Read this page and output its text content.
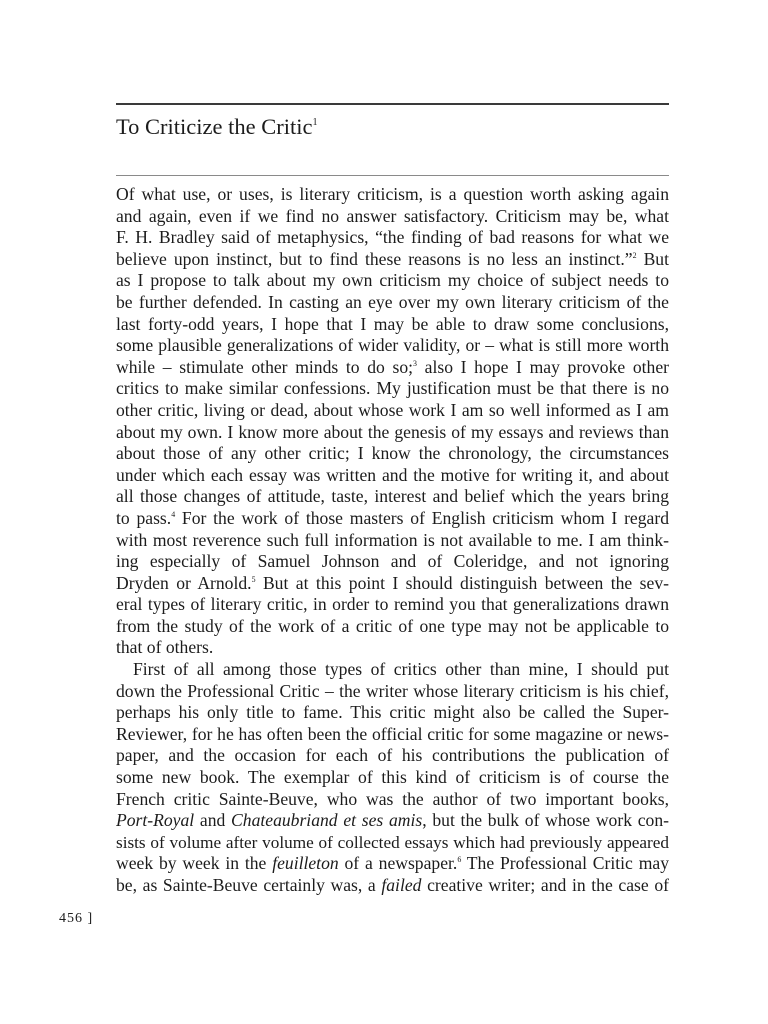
To Criticize the Critic$^1$
Of what use, or uses, is literary criticism, is a question worth asking again
and again, even if we find no answer satisfactory. Criticism may be, what
F. H. Bradley said of metaphysics, “the finding of bad reasons for what we
believe upon instinct, but to find these reasons is no less an instinct.”$^2$ But
as I propose to talk about my own criticism my choice of subject needs to
be further defended. In casting an eye over my own literary criticism of the
last forty-odd years, I hope that I may be able to draw some conclusions,
some plausible generalizations of wider validity, or – what is still more worth
while – stimulate other minds to do so;$^3$ also I hope I may provoke other
critics to make similar confessions. My justification must be that there is no
other critic, living or dead, about whose work I am so well informed as I am
about my own. I know more about the genesis of my essays and reviews than
about those of any other critic; I know the chronology, the circumstances
under which each essay was written and the motive for writing it, and about
all those changes of attitude, taste, interest and belief which the years bring
to pass.$^4$ For the work of those masters of English criticism whom I regard
with most reverence such full information is not available to me. I am think-
ing especially of Samuel Johnson and of Coleridge, and not ignoring
Dryden or Arnold.$^5$ But at this point I should distinguish between the sev-
eral types of literary critic, in order to remind you that generalizations drawn
from the study of the work of a critic of one type may not be applicable to
that of others.
First of all among those types of critics other than mine, I should put
down the Professional Critic – the writer whose literary criticism is his chief,
perhaps his only title to fame. This critic might also be called the Super-
Reviewer, for he has often been the official critic for some magazine or news-
paper, and the occasion for each of his contributions the publication of
some new book. The exemplar of this kind of criticism is of course the
French critic Sainte-Beuve, who was the author of two important books,
Port-Royal and Chateaubriand et ses amis, but the bulk of whose work con-
sists of volume after volume of collected essays which had previously appeared
week by week in the feuilleton of a newspaper.$^6$ The Professional Critic may
be, as Sainte-Beuve certainly was, a failed creative writer; and in the case of
456 ]
